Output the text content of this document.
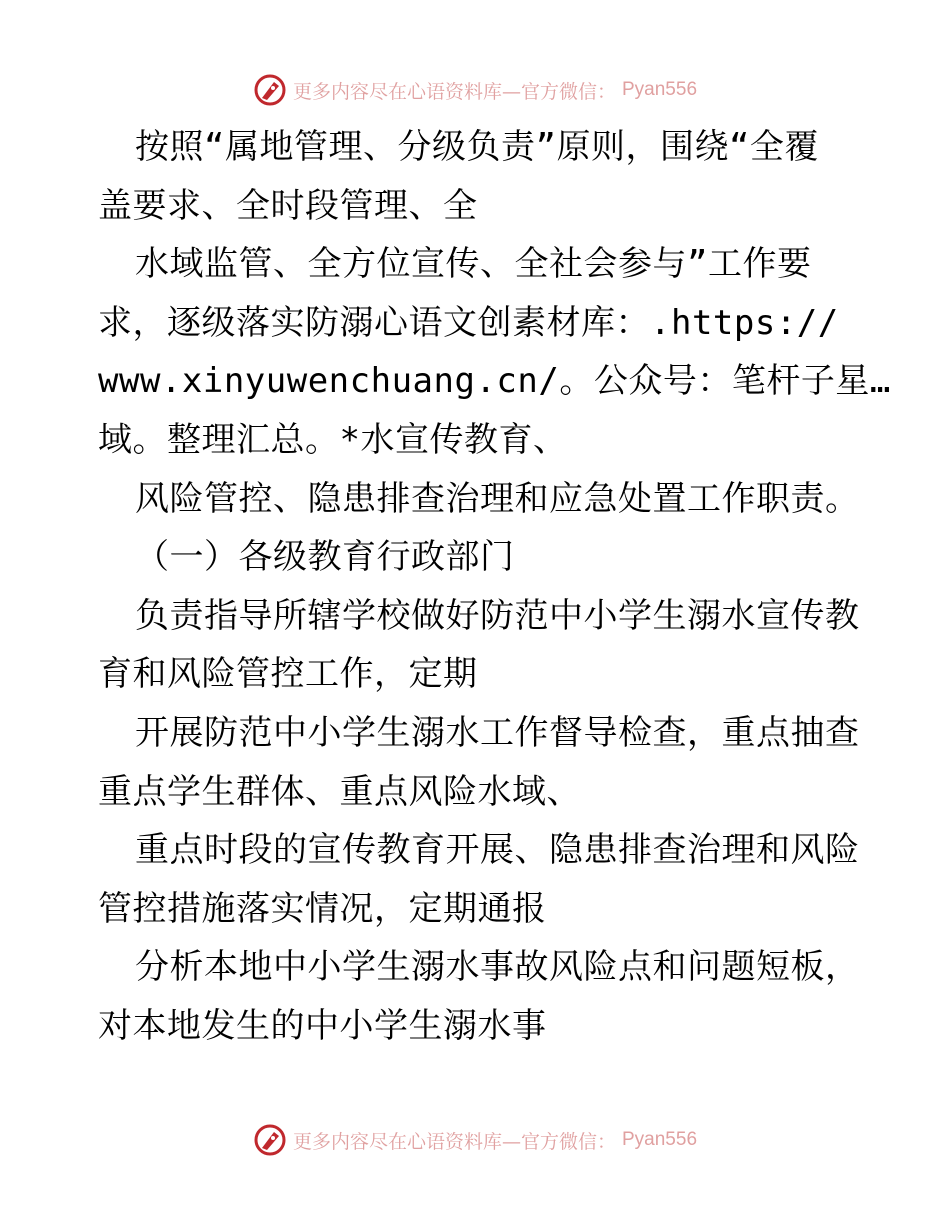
更多内容尽在心语资料库—官方微信： Pyan556
按照“属地管理、分级负责”原则，围绕“全覆
盖要求、全时段管理、全
水域监管、全方位宣传、全社会参与”工作要
求，逐级落实防溺心语文创素材库：.https://
www.xinyuwenchuang.cn/。公众号：笔杆子星…
域。整理汇总。*水宣传教育、
风险管控、隐患排查治理和应急处置工作职责。
（一）各级教育行政部门
负责指导所辖学校做好防范中小学生溺水宣传教
育和风险管控工作，定期
开展防范中小学生溺水工作督导检查，重点抽查
重点学生群体、重点风险水域、
重点时段的宣传教育开展、隐患排查治理和风险
管控措施落实情况，定期通报
分析本地中小学生溺水事故风险点和问题短板，
对本地发生的中小学生溺水事
更多内容尽在心语资料库—官方微信： Pyan556
